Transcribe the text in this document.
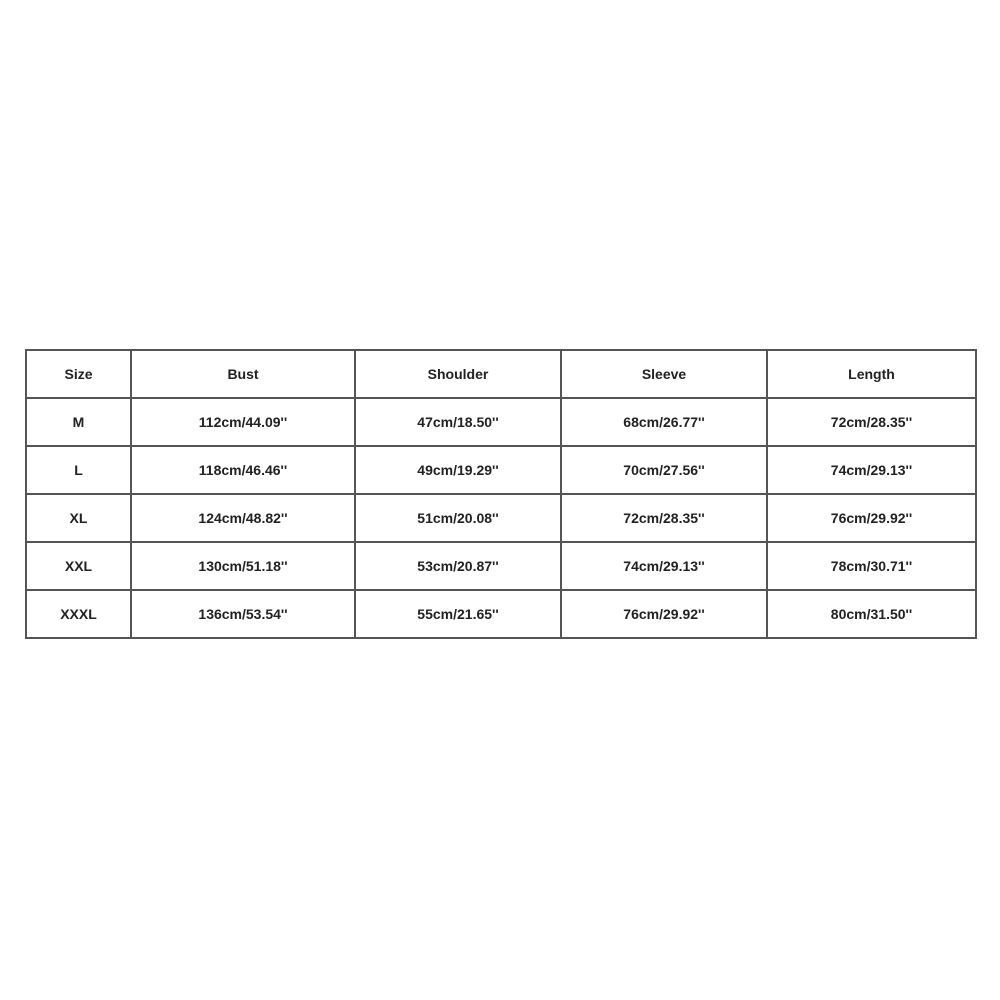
Size	Bust	Shoulder	Sleeve	Length
M	112cm/44.09''	47cm/18.50''	68cm/26.77''	72cm/28.35''
L	118cm/46.46''	49cm/19.29''	70cm/27.56''	74cm/29.13''
XL	124cm/48.82''	51cm/20.08''	72cm/28.35''	76cm/29.92''
XXL	130cm/51.18''	53cm/20.87''	74cm/29.13''	78cm/30.71''
XXXL	136cm/53.54''	55cm/21.65''	76cm/29.92''	80cm/31.50''
